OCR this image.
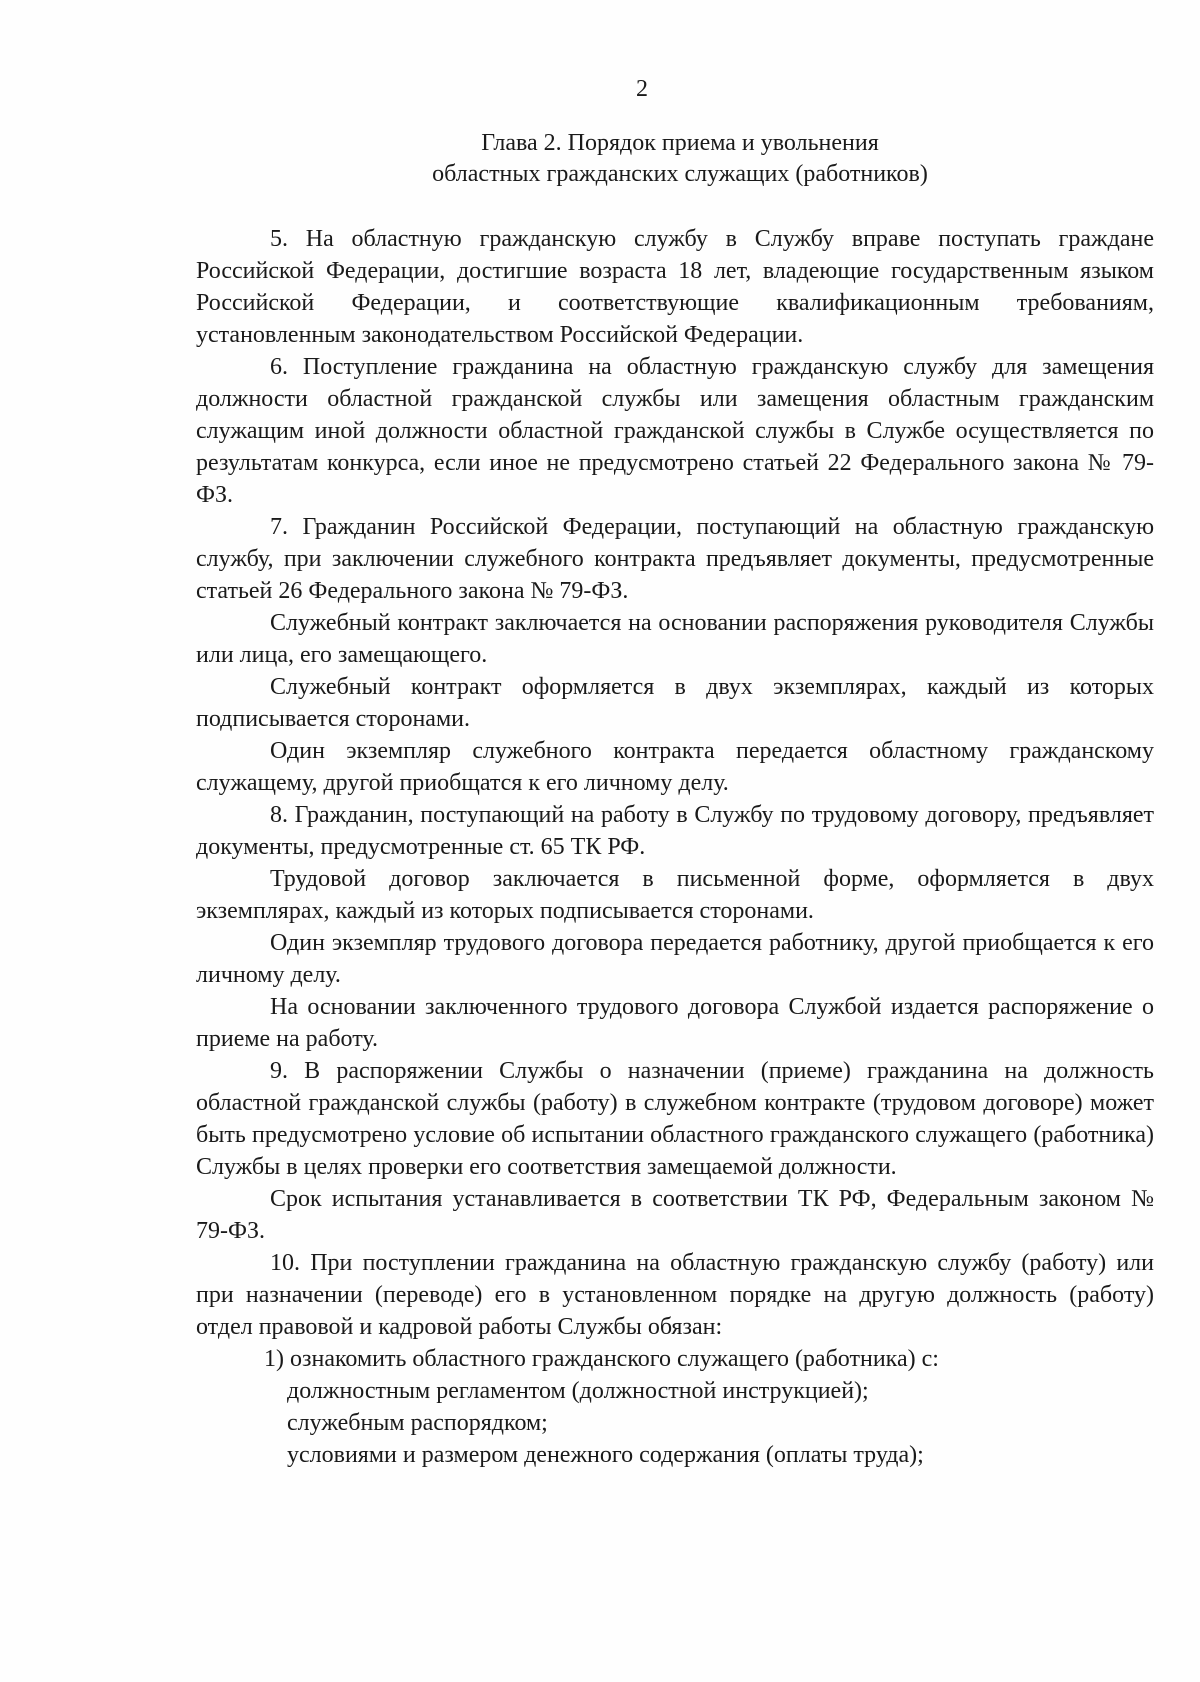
2
Глава 2. Порядок приема и увольнения
областных гражданских служащих (работников)

5. На областную гражданскую службу в Службу вправе поступать граждане Российской Федерации, достигшие возраста 18 лет, владеющие государственным языком Российской Федерации, и соответствующие квалификационным требованиям, установленным законодательством Российской Федерации.

6. Поступление гражданина на областную гражданскую службу для замещения должности областной гражданской службы или замещения областным гражданским служащим иной должности областной гражданской службы в Службе осуществляется по результатам конкурса, если иное не предусмотрено статьей 22 Федерального закона № 79-ФЗ.

7. Гражданин Российской Федерации, поступающий на областную гражданскую службу, при заключении служебного контракта предъявляет документы, предусмотренные статьей 26 Федерального закона № 79-ФЗ.

Служебный контракт заключается на основании распоряжения руководителя Службы или лица, его замещающего.

Служебный контракт оформляется в двух экземплярах, каждый из которых подписывается сторонами.

Один экземпляр служебного контракта передается областному гражданскому служащему, другой приобщатся к его личному делу.

8. Гражданин, поступающий на работу в Службу по трудовому договору, предъявляет документы, предусмотренные ст. 65 ТК РФ.

Трудовой договор заключается в письменной форме, оформляется в двух экземплярах, каждый из которых подписывается сторонами.

Один экземпляр трудового договора передается работнику, другой приобщается к его личному делу.

На основании заключенного трудового договора Службой издается распоряжение о приеме на работу.

9. В распоряжении Службы о назначении (приеме) гражданина на должность областной гражданской службы (работу) в служебном контракте (трудовом договоре) может быть предусмотрено условие об испытании областного гражданского служащего (работника) Службы в целях проверки его соответствия замещаемой должности.

Срок испытания устанавливается в соответствии ТК РФ, Федеральным законом № 79-ФЗ.

10. При поступлении гражданина на областную гражданскую службу (работу) или при назначении (переводе) его в установленном порядке на другую должность (работу) отдел правовой и кадровой работы Службы обязан:

1) ознакомить областного гражданского служащего (работника) с:

должностным регламентом (должностной инструкцией);

служебным распорядком;

условиями и размером денежного содержания (оплаты труда);
